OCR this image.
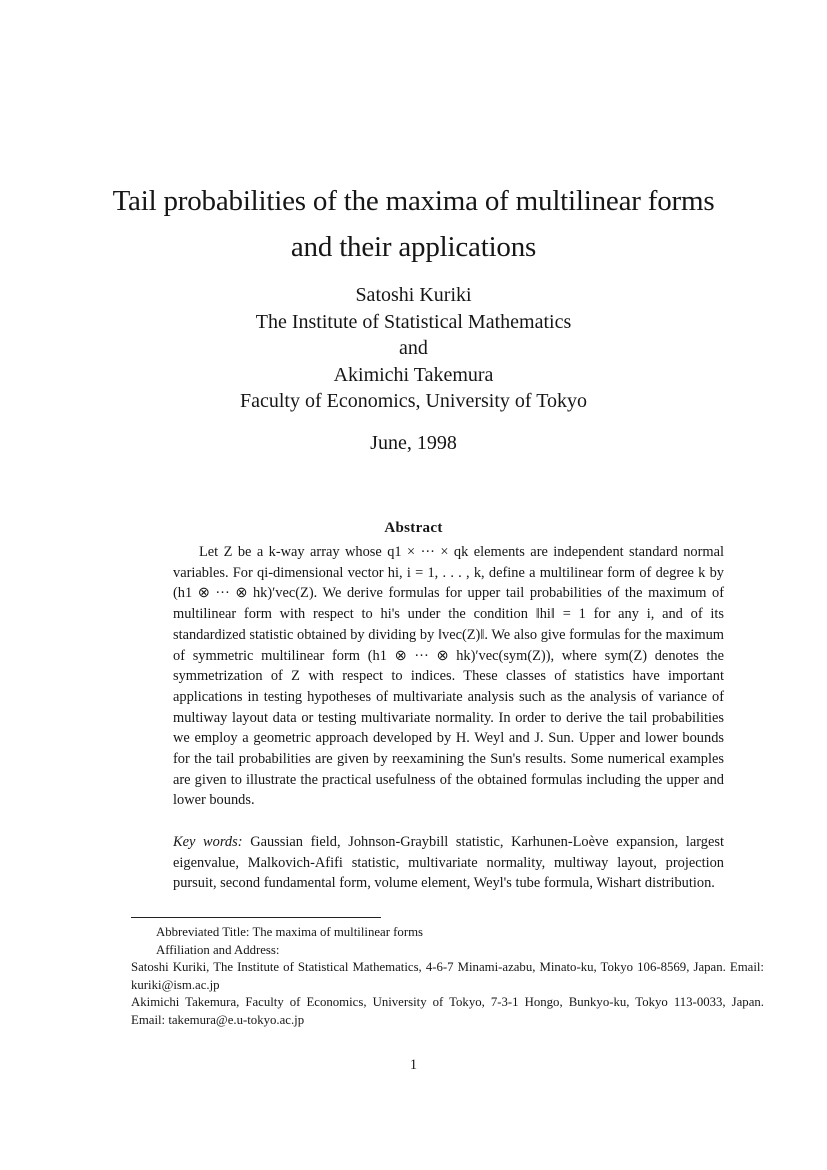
Tail probabilities of the maxima of multilinear forms

and their applications

Satoshi Kuriki

The Institute of Statistical Mathematics

and

Akimichi Takemura

Faculty of Economics, University of Tokyo

June, 1998
Abstract

Let Z be a k-way array whose q1 × ··· × qk elements are independent standard normal variables. For qi-dimensional vector hi, i = 1, . . . , k, define a multilinear form of degree k by (h1 ⊗ ··· ⊗ hk)′vec(Z). We derive formulas for upper tail probabilities of the maximum of multilinear form with respect to hi's under the condition ‖hi‖ = 1 for any i, and of its standardized statistic obtained by dividing by ‖vec(Z)‖. We also give formulas for the maximum of symmetric multilinear form (h1 ⊗ ··· ⊗ hk)′vec(sym(Z)), where sym(Z) denotes the symmetrization of Z with respect to indices. These classes of statistics have important applications in testing hypotheses of multivariate analysis such as the analysis of variance of multiway layout data or testing multivariate normality. In order to derive the tail probabilities we employ a geometric approach developed by H. Weyl and J. Sun. Upper and lower bounds for the tail probabilities are given by reexamining the Sun's results. Some numerical examples are given to illustrate the practical usefulness of the obtained formulas including the upper and lower bounds.

Key words: Gaussian field, Johnson-Graybill statistic, Karhunen-Loève expansion, largest eigenvalue, Malkovich-Afifi statistic, multivariate normality, multiway layout, projection pursuit, second fundamental form, volume element, Weyl's tube formula, Wishart distribution.

Abbreviated Title: The maxima of multilinear forms

Affiliation and Address:

Satoshi Kuriki, The Institute of Statistical Mathematics, 4-6-7 Minami-azabu, Minato-ku, Tokyo 106-8569, Japan. Email: kuriki@ism.ac.jp

Akimichi Takemura, Faculty of Economics, University of Tokyo, 7-3-1 Hongo, Bunkyo-ku, Tokyo 113-0033, Japan. Email: takemura@e.u-tokyo.ac.jp

1
